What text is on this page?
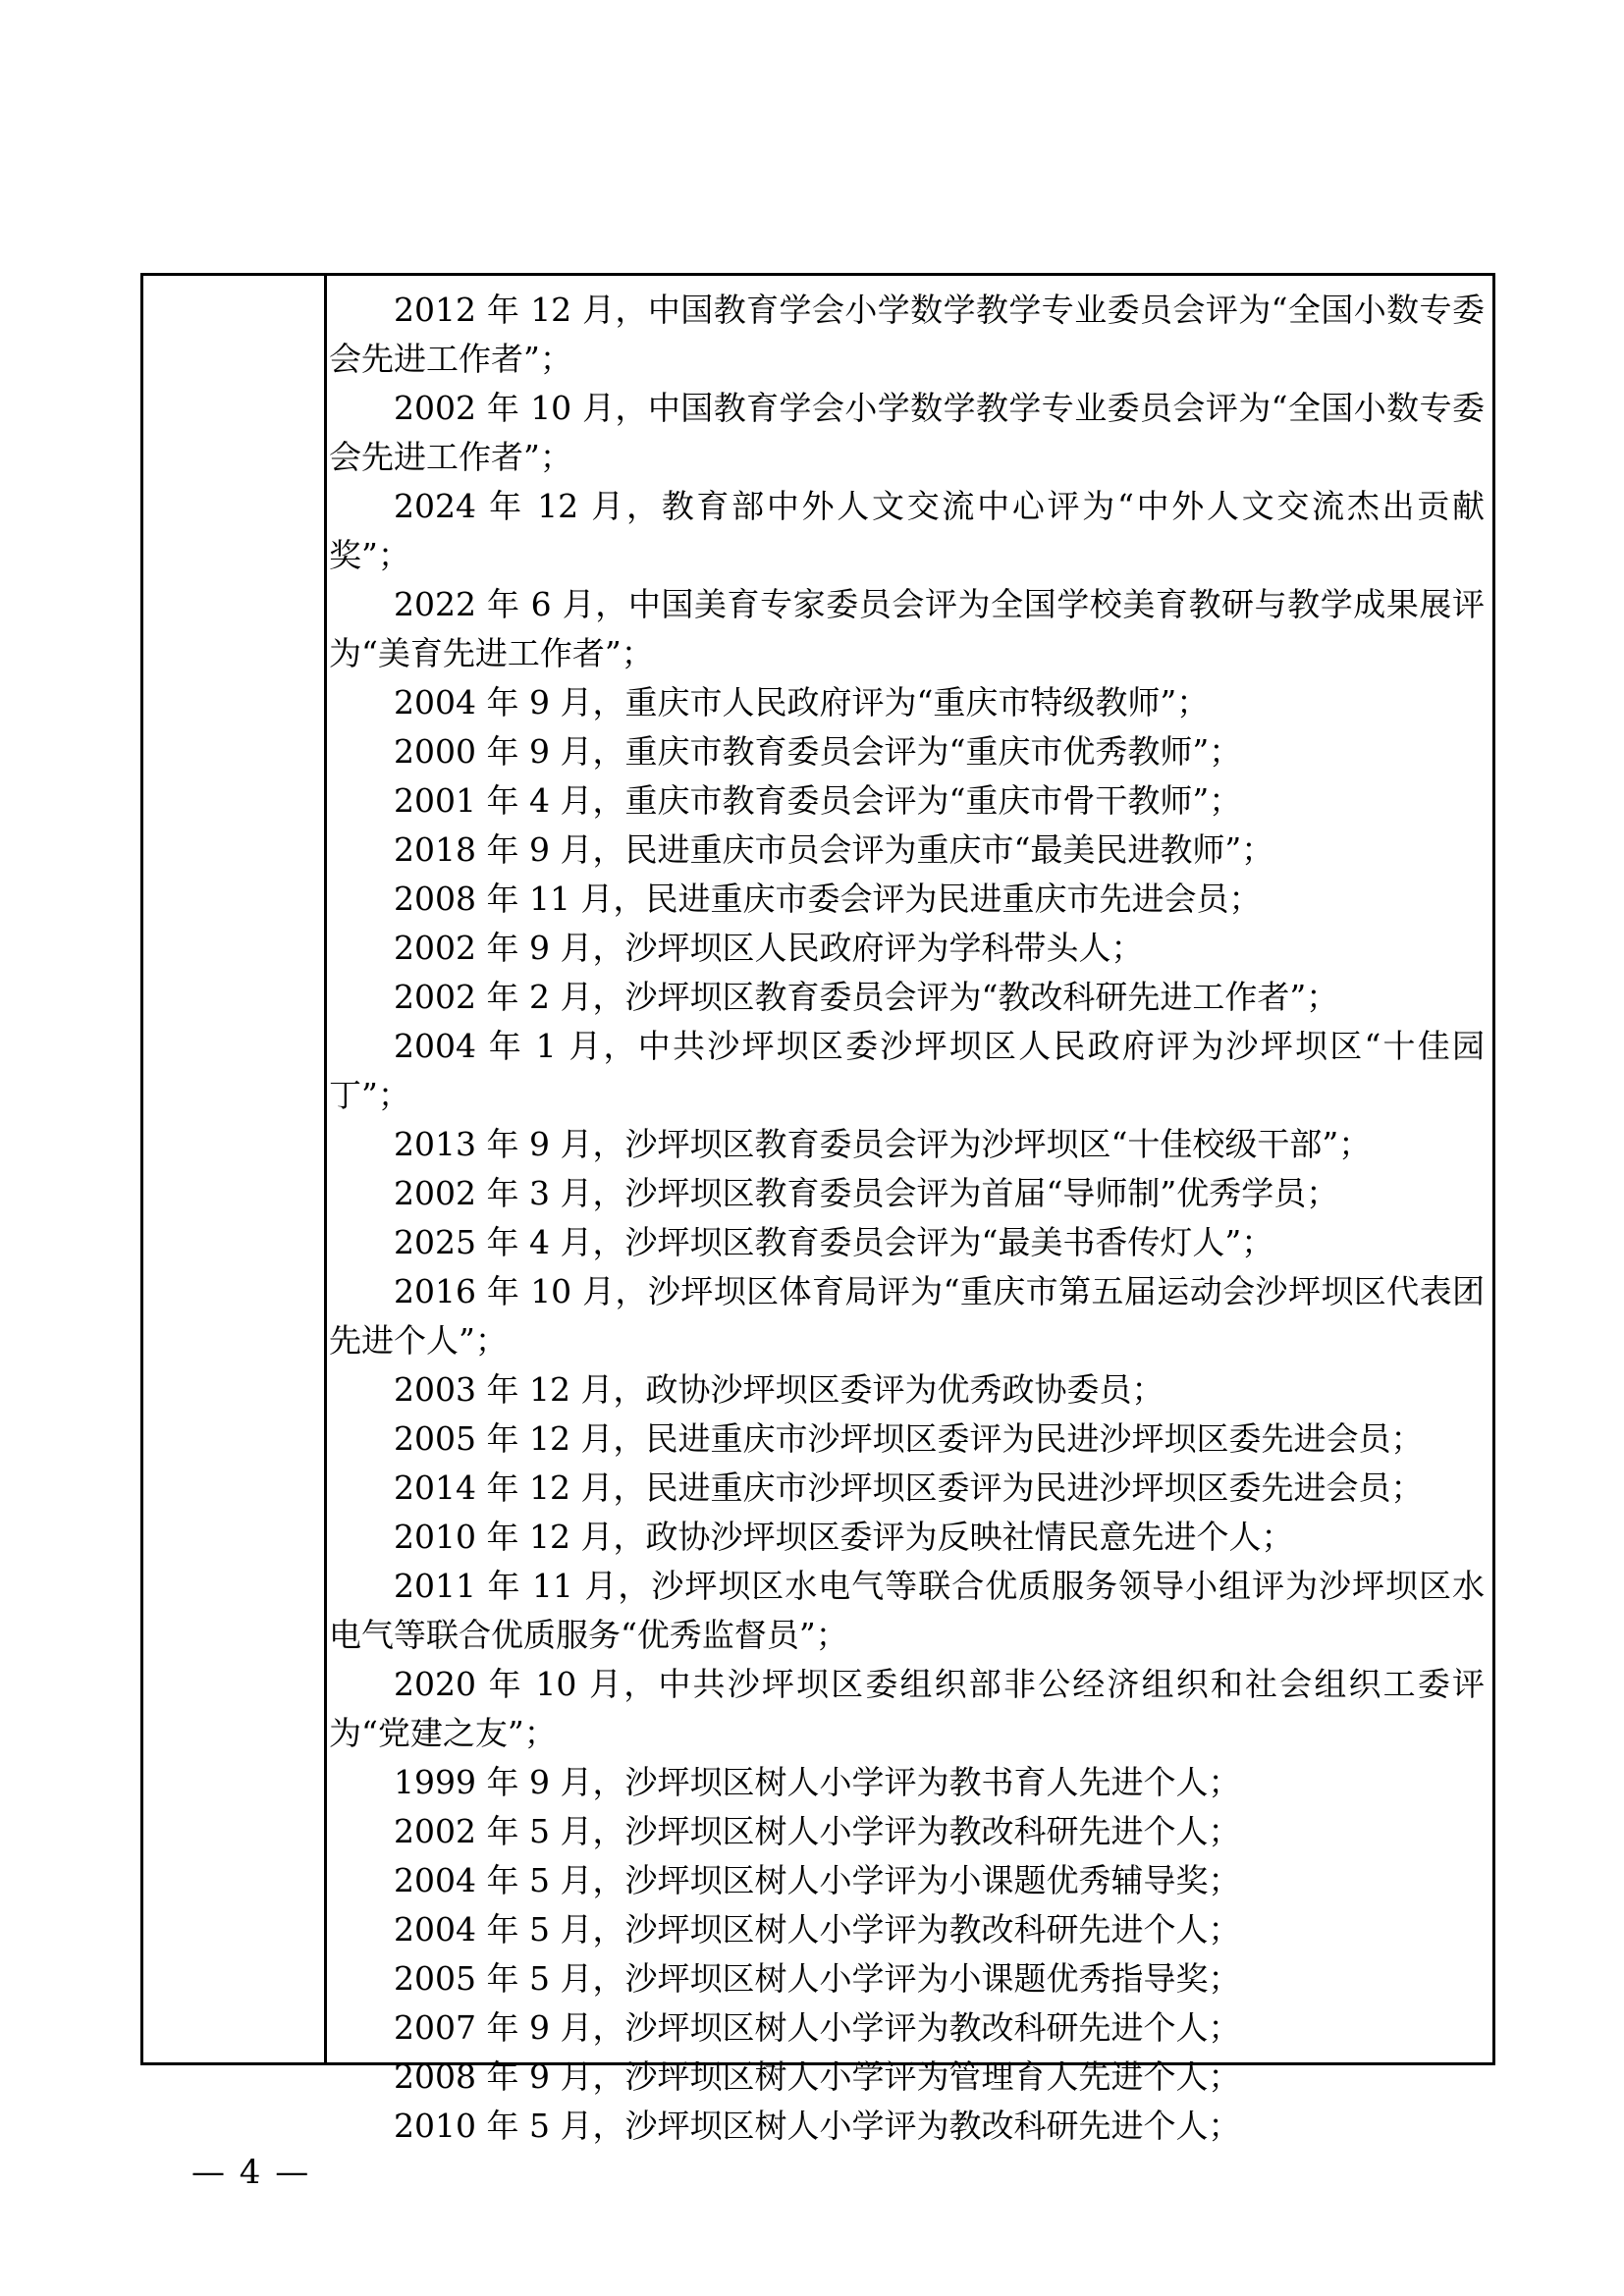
2012 年 12 月，中国教育学会小学数学教学专业委员会评为“全国小数专委会先进工作者”；

2002 年 10 月，中国教育学会小学数学教学专业委员会评为“全国小数专委会先进工作者”；

2024 年 12 月，教育部中外人文交流中心评为“中外人文交流杰出贡献奖”；

2022 年 6 月，中国美育专家委员会评为全国学校美育教研与教学成果展评为“美育先进工作者”；

2004 年 9 月，重庆市人民政府评为“重庆市特级教师”；

2000 年 9 月，重庆市教育委员会评为“重庆市优秀教师”；

2001 年 4 月，重庆市教育委员会评为“重庆市骨干教师”；

2018 年 9 月，民进重庆市员会评为重庆市“最美民进教师”；

2008 年 11 月，民进重庆市委会评为民进重庆市先进会员；

2002 年 9 月，沙坪坝区人民政府评为学科带头人；

2002 年 2 月，沙坪坝区教育委员会评为“教改科研先进工作者”；

2004 年 1 月，中共沙坪坝区委沙坪坝区人民政府评为沙坪坝区“十佳园丁”；

2013 年 9 月，沙坪坝区教育委员会评为沙坪坝区“十佳校级干部”；

2002 年 3 月，沙坪坝区教育委员会评为首届“导师制”优秀学员；

2025 年 4 月，沙坪坝区教育委员会评为“最美书香传灯人”；

2016 年 10 月，沙坪坝区体育局评为“重庆市第五届运动会沙坪坝区代表团先进个人”；

2003 年 12 月，政协沙坪坝区委评为优秀政协委员；

2005 年 12 月，民进重庆市沙坪坝区委评为民进沙坪坝区委先进会员；

2014 年 12 月，民进重庆市沙坪坝区委评为民进沙坪坝区委先进会员；

2010 年 12 月，政协沙坪坝区委评为反映社情民意先进个人；

2011 年 11 月，沙坪坝区水电气等联合优质服务领导小组评为沙坪坝区水电气等联合优质服务“优秀监督员”；

2020 年 10 月，中共沙坪坝区委组织部非公经济组织和社会组织工委评为“党建之友”；

1999 年 9 月，沙坪坝区树人小学评为教书育人先进个人；

2002 年 5 月，沙坪坝区树人小学评为教改科研先进个人；

2004 年 5 月，沙坪坝区树人小学评为小课题优秀辅导奖；

2004 年 5 月，沙坪坝区树人小学评为教改科研先进个人；

2005 年 5 月，沙坪坝区树人小学评为小课题优秀指导奖；

2007 年 9 月，沙坪坝区树人小学评为教改科研先进个人；

2008 年 9 月，沙坪坝区树人小学评为管理育人先进个人；

2010 年 5 月，沙坪坝区树人小学评为教改科研先进个人；

— 4 —
